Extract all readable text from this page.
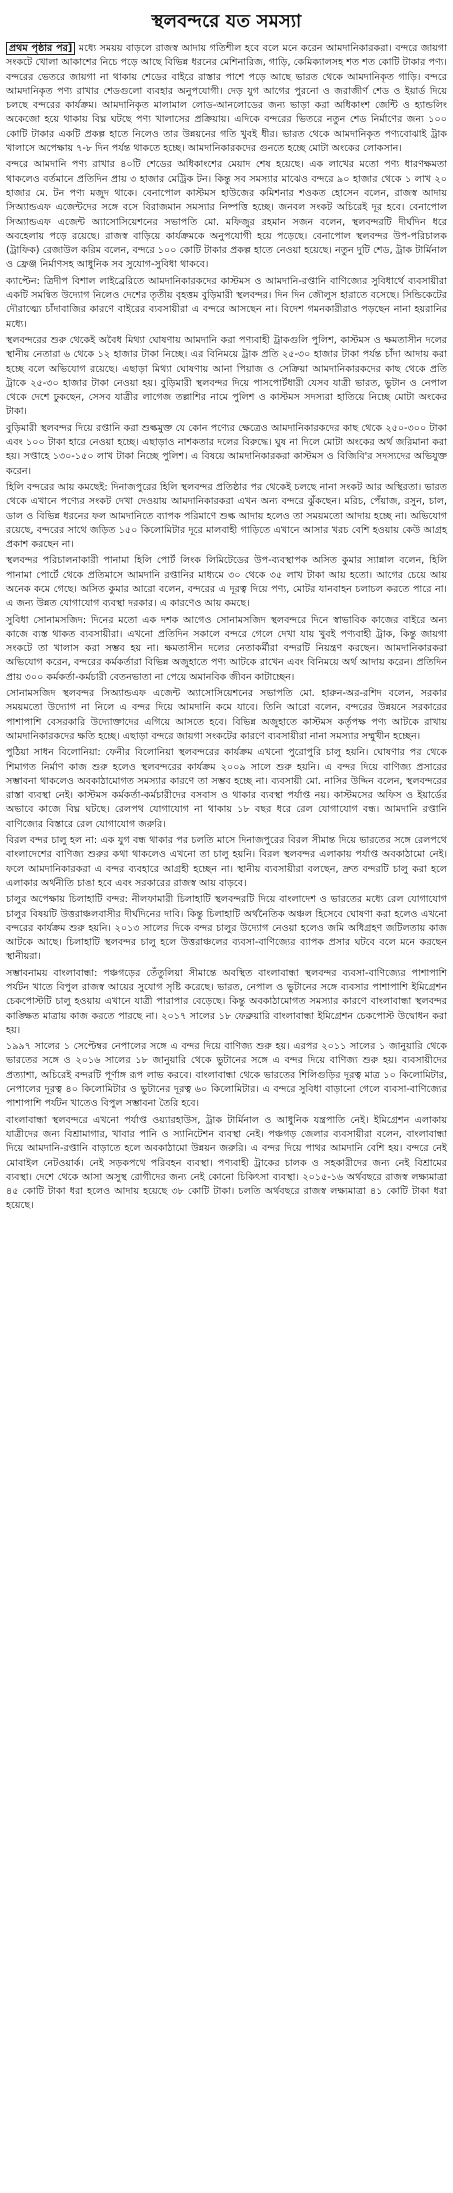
স্থলবন্দরে যত সমস্যা
প্রথম পৃষ্ঠার পর] মধ্যে সময়য় বাড়লে রাজস্ব আদায় গতিশীল হবে বলে মনে করেন আমদানিকারকরা। বন্দরে জায়গা সংকটে খোলা আকাশের নিচে পড়ে আছে বিভিন্ন ধরনের মেশিনারিজ, গাড়ি, কেমিক্যালসহ শত শত কোটি টাকার পণ্য। বন্দরের ভেতরে জায়গা না থাকায় শেডের বাইরে রাস্তার পাশে পড়ে আছে ভারত থেকে আমদানিকৃত গাড়ি। বন্দরে আমদানিকৃত পণ্য রাখার শেডগুলো ব্যবহার অনুপযোগী। দেড় যুগ আগের পুরনো ও জরাজীর্ণ শেড ও ইয়ার্ড দিয়ে চলছে বন্দরের কার্যক্রম। আমদানিকৃত মালামাল লোড-আনলোডের জন্য ভাড়া করা অধিকাংশ জেন্টি ও হ্যান্ডলিং অকেজো হয়ে থাকায় বিঘ্ন ঘটছে পণ্য খালাসের প্রক্রিয়ায়। এদিকে বন্দরের ভিতরে নতুন শেড নির্মাণের জন্য ১০০ কোটি টাকার একটি প্রকল্প হাতে নিলেও তার উন্নয়নের গতি খুবই ধীর। ভারত থেকে আমদানিকৃত পণ্যবোঝাই ট্রাক খালাসে অপেক্ষায় ৭-৮ দিন পর্যন্ত থাকতে হচ্ছে। আমদানিকারকদের গুনতে হচ্ছে মোটা অংকের লোকসান।
বন্দরে আমদানি পণ্য রাখার ৪০টি শেডের অধিকাংশের মেয়াদ শেষ হয়েছে। এক লাখের মতো পণ্য ধারণক্ষমতা থাকলেও বর্তমানে প্রতিদিন প্রায় ৩ হাজার মেট্রিক টন। কিন্তু সব সমস্যার মাঝেও বন্দরে ৯০ হাজার থেকে ১ লাখ ২০ হাজার মে. টন পণ্য মজুদ থাকে। বেনাপোল কাস্টমস হাউজের কমিশনার শওকত হোসেন বলেন, রাজস্ব আদায় সিঅ্যান্ডএফ এজেন্টদের সঙ্গে বসে বিরাজমান সমস্যার নিষ্পত্তি হচ্ছে। জনবল সংকট অচিরেই দূর হবে। বেনাপোল সিঅ্যান্ডএফ এজেন্ট অ্যাসোসিয়েশনের সভাপতি মো. মফিজুর রহমান সজন বলেন, স্থলবন্দরটি দীর্ঘদিন ধরে অবহেলায় পড়ে রয়েছে। রাজস্ব বাড়িয়ে কার্যক্রমকে অনুপযোগী হয়ে পড়েছে। বেনাপোল স্থলবন্দর উপ-পরিচালক (ট্রাফিক) রেজাউল করিম বলেন, বন্দরে ১০০ কোটি টাকার প্রকল্প হাতে নেওয়া হয়েছে। নতুন দুটি শেড, ট্রাক টার্মিনাল ও ফ্রেঞ্জ নির্মাণসহ আধুনিক সব সুযোগ-সুবিধা থাকবে।
ক্যাপ্টেন: ত্রিদীপ বিশাল লাইব্রেরিতে আমদানিকারকদের কাস্টমস ও আমদানি-রপ্তানি বাণিজ্যের সুবিধার্থে ব্যবসায়ীরা একটি সমন্বিত উদ্যোগ নিলেও দেশের তৃতীয় বৃহত্তম বুড়িমারী স্থলবন্দর। দিন দিন জৌলুস হারাতে বসেছে। সিন্ডিকেটের দৌরাত্ম্যে চাঁদাবাজির কারণে বাইরের ব্যবসায়ীরা এ বন্দরে আসছেন না। বিদেশ গমনকারীরাও পড়ছেন নানা হয়রানির মধ্যে।
স্থলবন্দরের শুরু থেকেই অবৈধ মিথ্যা ঘোষণায় আমদানি করা পণ্যবাহী ট্রাকগুলি পুলিশ, কাস্টমস ও ক্ষমতাসীন দলের স্থানীয় নেতারা ৬ থেকে ১২ হাজার টাকা নিচ্ছে। এর বিনিময়ে ট্রাক প্রতি ২৫-৩০ হাজার টাকা পর্যন্ত চাঁদা আদায় করা হচ্ছে বলে অভিযোগ রয়েছে। এছাড়া মিথ্যা ঘোষণায় আনা পিয়াজ ও সেক্রিয়া আমদানিকারকদের কাছ থেকে প্রতি ট্রাকে ২৫-৩০ হাজার টাকা নেওয়া হয়। বুড়িমারী স্থলবন্দর দিয়ে পাসপোর্টধারী যেসব যাত্রী ভারত, ভুটান ও নেপাল থেকে দেশে ঢুকছেন, সেসব যাত্রীর লাগেজ তল্লাশির নামে পুলিশ ও কাস্টমস সদস্যরা হাতিয়ে নিচ্ছে মোটা অংকের টাকা।
বুড়িমারী স্থলবন্দর দিয়ে রপ্তানি করা শুল্কমুক্ত যে কোন পণ্যের ক্ষেত্রেও আমদানিকারকদের কাছ থেকে ২৫০-৩০০ টাকা এবং ১০০ টাকা হারে নেওয়া হচ্ছে। এছাড়াও নাশকতার দলের বিরুদ্ধে। ঘুষ না দিলে মোটা অংকের অর্থ জরিমানা করা হয়। সপ্তাহে ১৩০-১৫০ লাখ টাকা নিচ্ছে পুলিশ। এ বিষয়ে আমদানিকারকরা কাস্টমস ও বিজিবি'র সদস্যদের অভিযুক্ত করেন।
হিলি বন্দরের আয় কমছেই: দিনাজপুরের হিলি স্থলবন্দর প্রতিষ্ঠার পর থেকেই চলছে নানা সংকট আর অস্থিরতা। ভারত থেকে এখানে পণ্যের সংকট দেখা দেওয়ায় আমদানিকারকরা এখন অন্য বন্দরে ঝুঁকছেন। মরিচ, পেঁয়াজ, রসুন, চাল, ডাল ও বিভিন্ন ধরনের ফল আমদানিতে ব্যাপক পরিমাণে শুল্ক আদায় হলেও তা সময়মতো আদায় হচ্ছে না। অভিযোগ রয়েছে, বন্দরের সাথে জড়িত ১৫০ কিলোমিটার দূরে মালবাহী গাড়িতে এখানে আসার খরচ বেশি হওয়ায় কেউ আগ্রহ প্রকাশ করছেন না।
স্থলবন্দর পরিচালনাকারী পানামা হিলি পোর্ট লিংক লিমিটেডের উপ-ব্যবস্থাপক অসিত কুমার স্যান্নাল বলেন, হিলি পানামা পোর্টে থেকে প্রতিমাসে আমদানি রপ্তানির মাধ্যমে ৩০ থেকে ৩৫ লাখ টাকা আয় হতো। আগের চেয়ে আয় অনেক কমে গেছে। অসিত কুমার আরো বলেন, বন্দরের এ দূরত্ব দিয়ে পণ্য, মোটর যানবাহন চলাচল করতে পারে না। এ জন্য উন্নত যোগাযোগ ব্যবস্থা দরকার। এ কারণেও আয় কমছে।
সুবিধা সোনামসজিদ: দিনের মতো এক দশক আগেও সোনামসজিদ স্থলবন্দরে দিনে স্বাভাবিক কাজের বাইরে অন্য কাজে ব্যস্ত থাকত ব্যবসায়ীরা। এখনো প্রতিদিন সকালে বন্দরে গেলে দেখা যায় খুবই পণ্যবাহী ট্রাক, কিন্তু জায়গা সংকটে তা খালাস করা সম্ভব হয় না। ক্ষমতাসীন দলের নেতাকর্মীরা বন্দরটি নিয়ন্ত্রণ করছেন। আমদানিকারকরা অভিযোগ করেন, বন্দরের কর্মকর্তারা বিভিন্ন অজুহাতে পণ্য আটকে রাখেন এবং বিনিময়ে অর্থ আদায় করেন। প্রতিদিন প্রায় ৩০০ কর্মকর্তা-কর্মচারী বেতনভাতা না পেয়ে অমানবিক জীবন কাটাচ্ছেন।
সোনামসজিদ স্থলবন্দর সিঅ্যান্ডএফ এজেন্ট অ্যাসোসিয়েশনের সভাপতি মো. হারুন-অর-রশিদ বলেন, সরকার সময়মতো উদ্যোগ না নিলে এ বন্দর দিয়ে আমদানি কমে যাবে। তিনি আরো বলেন, বন্দরের উন্নয়নে সরকারের পাশাপাশি বেসরকারি উদ্যোক্তাদের এগিয়ে আসতে হবে। বিভিন্ন অজুহাতে কাস্টমস কর্তৃপক্ষ পণ্য আটকে রাখায় আমদানিকারকদের ক্ষতি হচ্ছে। এছাড়া বন্দরে জায়গা সংকটের কারণে ব্যবসায়ীরা নানা সমস্যার সম্মুখীন হচ্ছেন।
পুঠিয়া সাধন বিলোনিয়া: ফেনীর বিলোনিয়া স্থলবন্দরের কার্যক্রম এখনো পুরোপুরি চালু হয়নি। ঘোষণার পর থেকে শিমাগত নির্মাণ কাজ শুরু হলেও স্থলবন্দরের কার্যক্রম ২০০৯ সালে শুরু হয়নি। এ বন্দর দিয়ে বাণিজ্য প্রসারের সম্ভাবনা থাকলেও অবকাঠামোগত সমস্যার কারণে তা সম্ভব হচ্ছে না। ব্যবসায়ী মো. নাসির উদ্দিন বলেন, স্থলবন্দরের রাস্তা ব্যবস্থা নেই। কাস্টমস কর্মকর্তা-কর্মচারীদের বসবাস ও থাকার ব্যবস্থা পর্যাপ্ত নয়। কাস্টমসের অফিস ও ইয়ার্ডের অভাবে কাজে বিঘ্ন ঘটছে। রেলপথ যোগাযোগ না থাকায় ১৮ বছর ধরে রেল যোগাযোগ বন্ধ। আমদানি রপ্তানি বাণিজ্যের বিস্তারে রেল যোগাযোগ জরুরি।
বিরল বন্দর চালু হল না: এক যুগ বন্ধ থাকার পর চলতি মাসে দিনাজপুরের বিরল সীমান্ত দিয়ে ভারতের সঙ্গে রেলপথে বাংলাদেশের বাণিজ্য শুরুর কথা থাকলেও এখনো তা চালু হয়নি। বিরল স্থলবন্দর এলাকায় পর্যাপ্ত অবকাঠামো নেই। ফলে আমদানিকারকরা এ বন্দর ব্যবহারে আগ্রহী হচ্ছেন না। স্থানীয় ব্যবসায়ীরা বলছেন, দ্রুত বন্দরটি চালু করা হলে এলাকার অর্থনীতি চাঙা হবে এবং সরকারের রাজস্ব আয় বাড়বে।
চালুর অপেক্ষায় চিলাহাটি বন্দর: নীলফামারী চিলাহাটি স্থলবন্দরটি দিয়ে বাংলাদেশ ও ভারতের মধ্যে রেল যোগাযোগ চালুর বিষয়টি উত্তরাঞ্চলবাসীর দীর্ঘদিনের দাবি। কিন্তু চিলাহাটি অর্থনৈতিক অঞ্চল হিসেবে ঘোষণা করা হলেও এখনো বন্দরের কার্যক্রম শুরু হয়নি। ২০১৩ সালের দিকে বন্দর চালুর উদ্যোগ নেওয়া হলেও জমি অধিগ্রহণ জটিলতায় কাজ আটকে আছে। চিলাহাটি স্থলবন্দর চালু হলে উত্তরাঞ্চলের ব্যবসা-বাণিজ্যের ব্যাপক প্রসার ঘটবে বলে মনে করছেন স্থানীয়রা।
সম্ভাবনাময় বাংলাবান্ধা: পঞ্চগড়ের তেঁতুলিয়া সীমান্তে অবস্থিত বাংলাবান্ধা স্থলবন্দর ব্যবসা-বাণিজ্যের পাশাপাশি পর্যটন খাতে বিপুল রাজস্ব আয়ের সুযোগ সৃষ্টি করেছে। ভারত, নেপাল ও ভুটানের সঙ্গে ব্যবসার পাশাপাশি ইমিগ্রেশন চেকপোস্টটি চালু হওয়ায় এখানে যাত্রী পারাপার বেড়েছে। কিন্তু অবকাঠামোগত সমস্যার কারণে বাংলাবান্ধা স্থলবন্দর কাঙ্ক্ষিত মাত্রায় কাজ করতে পারছে না। ২০১৭ সালের ১৮ ফেব্রুয়ারি বাংলাবান্ধা ইমিগ্রেশন চেকপোস্ট উদ্বোধন করা হয়।
১৯৯৭ সালের ১ সেপ্টেম্বর নেপালের সঙ্গে এ বন্দর দিয়ে বাণিজ্য শুরু হয়। এরপর ২০১১ সালের ১ জানুয়ারি থেকে ভারতের সঙ্গে ও ২০১৬ সালের ১৮ জানুয়ারি থেকে ভুটানের সঙ্গে এ বন্দর দিয়ে বাণিজ্য শুরু হয়। ব্যবসায়ীদের প্রত্যাশা, অচিরেই বন্দরটি পূর্ণাঙ্গ রূপ লাভ করবে। বাংলাবান্ধা থেকে ভারতের শিলিগুড়ির দূরত্ব মাত্র ১০ কিলোমিটার, নেপালের দূরত্ব ৪০ কিলোমিটার ও ভুটানের দূরত্ব ৬০ কিলোমিটার। এ বন্দরে সুবিধা বাড়ানো গেলে ব্যবসা-বাণিজ্যের পাশাপাশি পর্যটন খাতেও বিপুল সম্ভাবনা তৈরি হবে।
বাংলাবান্ধা স্থলবন্দরে এখনো পর্যাপ্ত ওয়্যারহাউস, ট্রাক টার্মিনাল ও আধুনিক যন্ত্রপাতি নেই। ইমিগ্রেশন এলাকায় যাত্রীদের জন্য বিশ্রামাগার, খাবার পানি ও স্যানিটেশন ব্যবস্থা নেই। পঞ্চগড় জেলার ব্যবসায়ীরা বলেন, বাংলাবান্ধা দিয়ে আমদানি-রপ্তানি বাড়াতে হলে অবকাঠামো উন্নয়ন জরুরি। এ বন্দর দিয়ে পাথর আমদানি বেশি হয়। বন্দরে নেই মোবাইল নেটওয়ার্ক। নেই সড়কপথে পরিবহন ব্যবস্থা। পণ্যবাহী ট্রাকের চালক ও সহকারীদের জন্য নেই বিশ্রামের ব্যবস্থা। দেশে থেকে আসা অসুস্থ রোগীদের জন্য নেই কোনো চিকিৎসা ব্যবস্থা। ২০১৫-১৬ অর্থবছরে রাজস্ব লক্ষ্যমাত্রা ৪৫ কোটি টাকা ধরা হলেও আদায় হয়েছে ৩৮ কোটি টাকা। চলতি অর্থবছরে রাজস্ব লক্ষ্যমাত্রা ৪১ কোটি টাকা ধরা হয়েছে।
